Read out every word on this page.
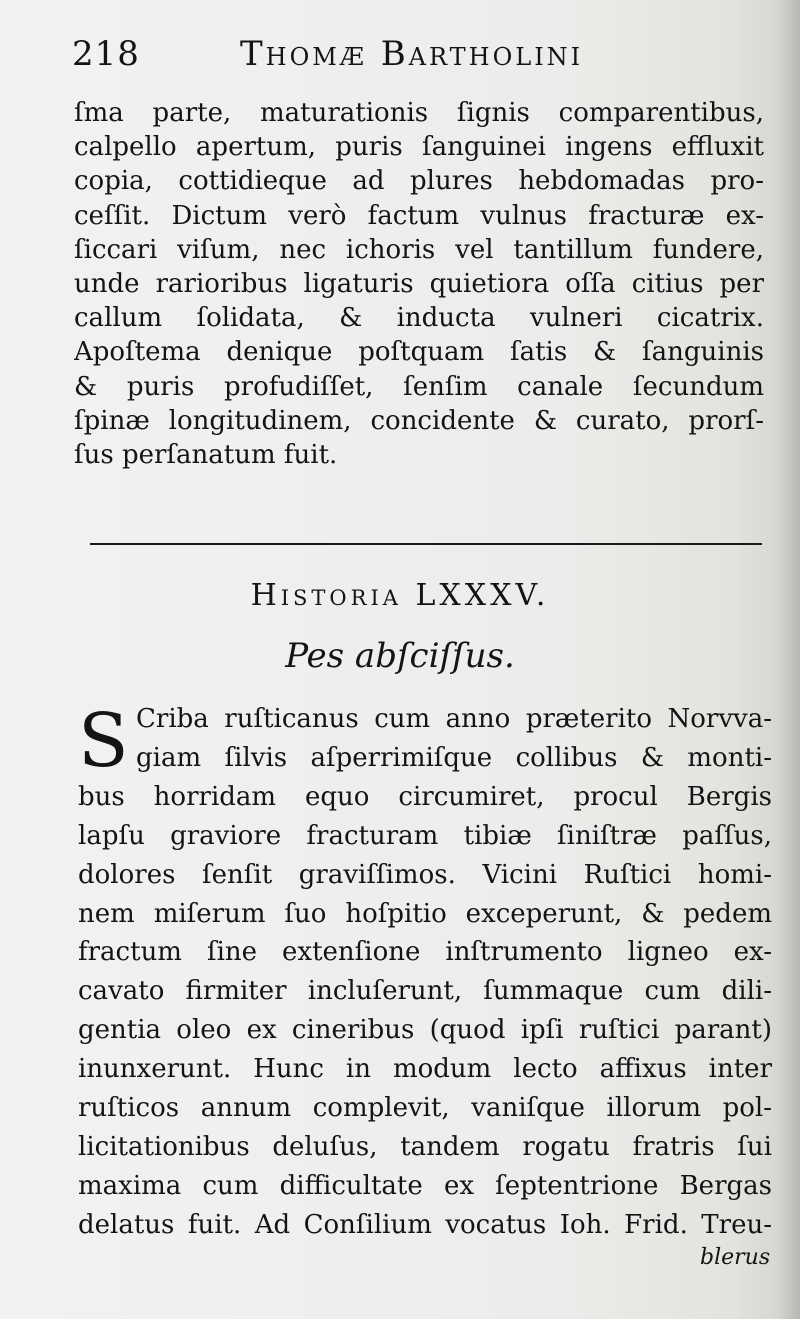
218	Thomæ Bartholini
ſma parte, maturationis ſignis comparentibus,
calpello apertum, puris ſanguinei ingens effluxit
copia, cottidieque ad plures hebdomadas pro-
ceſſit. Dictum verò factum vulnus fracturæ ex-
ſiccari viſum, nec ichoris vel tantillum fundere,
unde rarioribus ligaturis quietiora oſſa citius per
callum ſolidata, & inducta vulneri cicatrix.
Apoſtema denique poſtquam ſatis & ſanguinis
& puris profudiſſet, ſenſim canale ſecundum
ſpinæ longitudinem, concidente & curato, prorſ-
ſus perſanatum fuit.
Historia LXXXV.
Pes abſciſſus.
S Criba ruſticanus cum anno præterito Norvva-
giam ſilvis aſperrimiſque collibus & monti-
bus horridam equo circumiret, procul Bergis
lapſu graviore fracturam tibiæ ſiniſtræ paſſus,
dolores ſenſit graviſſimos. Vicini Ruſtici homi-
nem miſerum ſuo hoſpitio exceperunt, & pedem
fractum ſine extenſione inſtrumento ligneo ex-
cavato firmiter incluſerunt, ſummaque cum dili-
gentia oleo ex cineribus (quod ipſi ruſtici parant)
inunxerunt. Hunc in modum lecto affixus inter
ruſticos annum complevit, vaniſque illorum pol-
licitationibus deluſus, tandem rogatu fratris ſui
maxima cum difficultate ex ſeptentrione Bergas
delatus fuit. Ad Conſilium vocatus Ioh. Frid. Treu-
blerus
